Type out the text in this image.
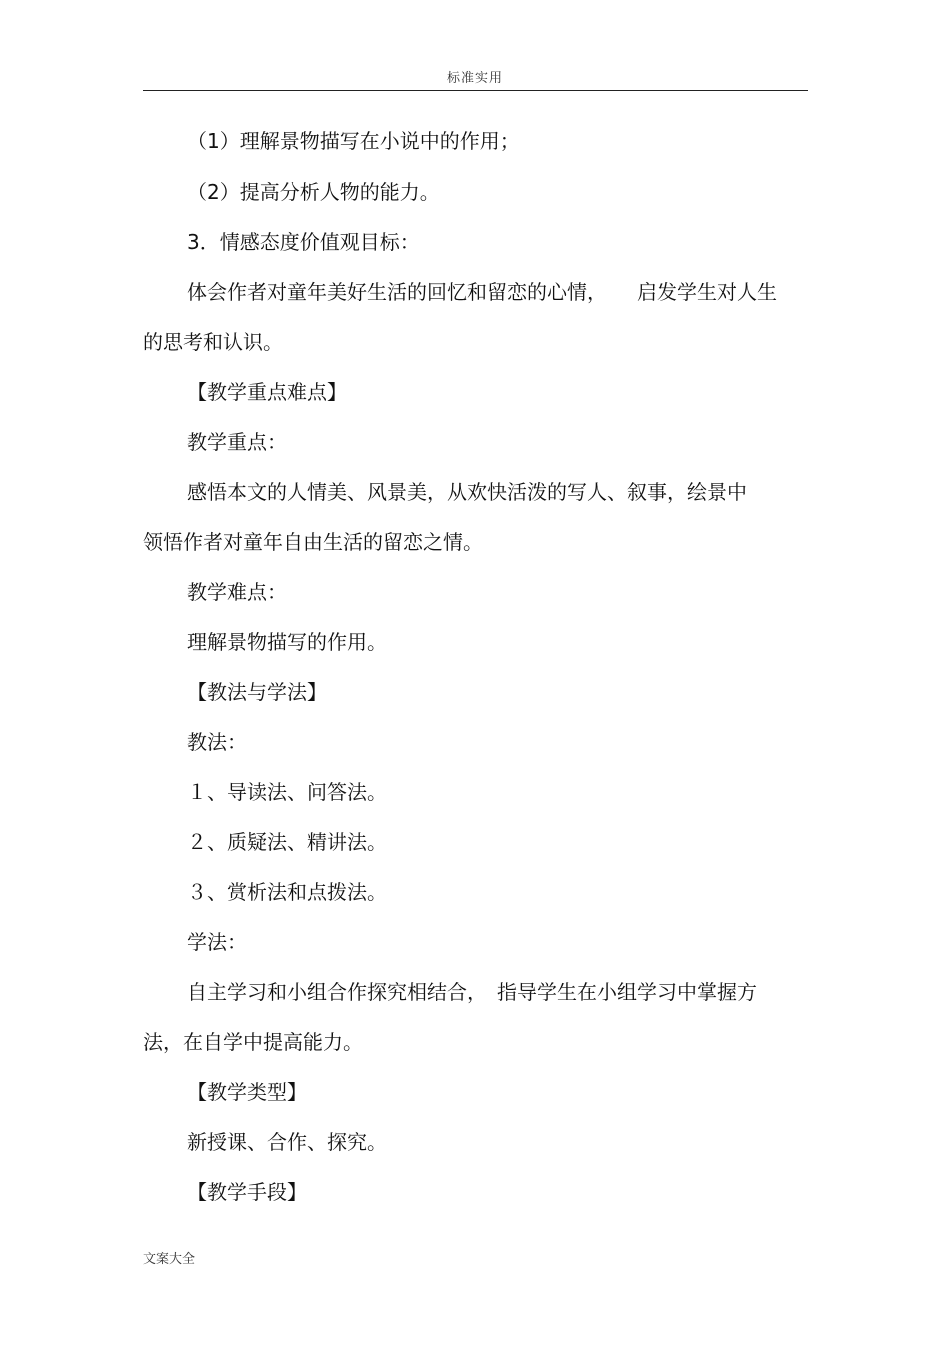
标准实用
（1）理解景物描写在小说中的作用；
（2）提高分析人物的能力。
3．情感态度价值观目标：
体会作者对童年美好生活的回忆和留恋的心情，　　启发学生对人生
的思考和认识。
【教学重点难点】
教学重点：
感悟本文的人情美、风景美，从欢快活泼的写人、叙事，绘景中
领悟作者对童年自由生活的留恋之情。
教学难点：
理解景物描写的作用。
【教法与学法】
教法：
１、导读法、问答法。
２、质疑法、精讲法。
３、赏析法和点拨法。
学法：
自主学习和小组合作探究相结合，　指导学生在小组学习中掌握方
法，在自学中提高能力。
【教学类型】
新授课、合作、探究。
【教学手段】
文案大全
